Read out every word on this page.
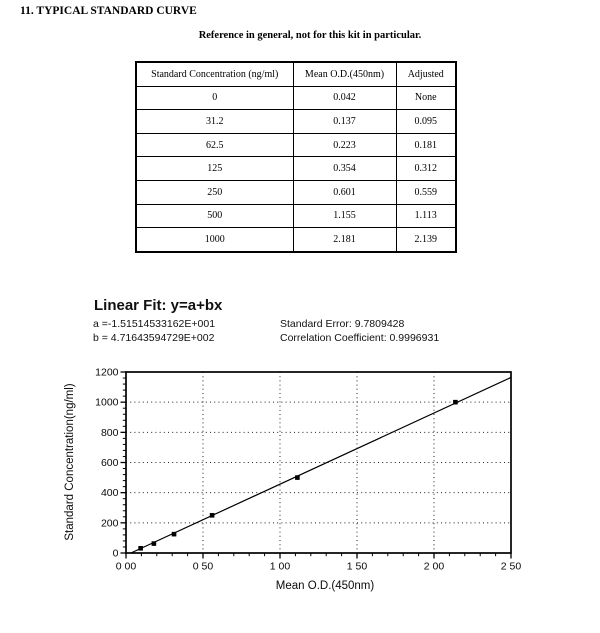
11. TYPICAL STANDARD CURVE
Reference in general, not for this kit in particular.
Standard Concentration (ng/ml)	Mean O.D.(450nm)	Adjusted
0	0.042	None
31.2	0.137	0.095
62.5	0.223	0.181
125	0.354	0.312
250	0.601	0.559
500	1.155	1.113
1000	2.181	2.139
Linear Fit: y=a+bx
a =-1.51514533162E+001
b = 4.71643594729E+002
Standard Error: 9.7809428
Correlation Coefficient: 0.9996931
0
200
400
600
800
1000
1200
0 00	0 50	1 00	1 50	2 00	2 50
Mean O.D.(450nm)
Standard Concentration(ng/ml)
